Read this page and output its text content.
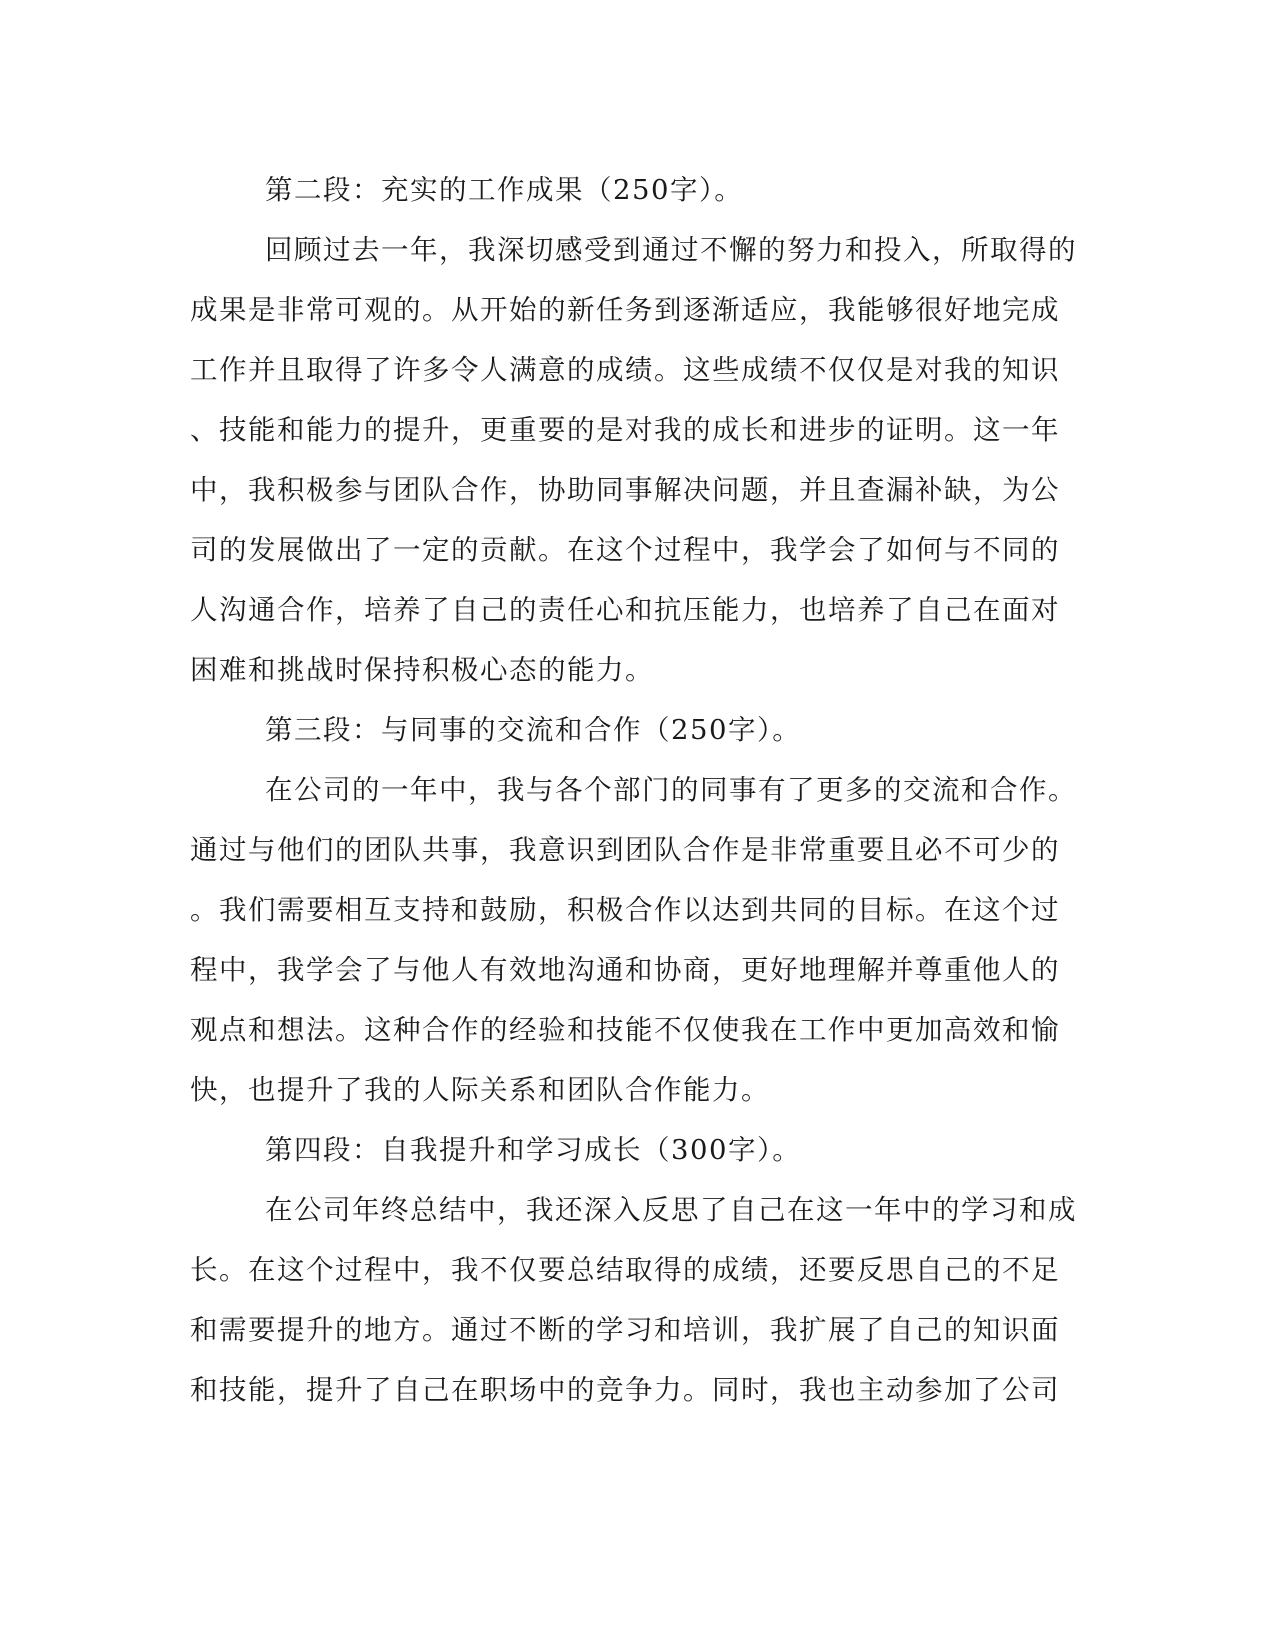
第二段：充实的工作成果（250字）。
回顾过去一年，我深切感受到通过不懈的努力和投入，所取得的
成果是非常可观的。从开始的新任务到逐渐适应，我能够很好地完成
工作并且取得了许多令人满意的成绩。这些成绩不仅仅是对我的知识
、技能和能力的提升，更重要的是对我的成长和进步的证明。这一年
中，我积极参与团队合作，协助同事解决问题，并且查漏补缺，为公
司的发展做出了一定的贡献。在这个过程中，我学会了如何与不同的
人沟通合作，培养了自己的责任心和抗压能力，也培养了自己在面对
困难和挑战时保持积极心态的能力。
第三段：与同事的交流和合作（250字）。
在公司的一年中，我与各个部门的同事有了更多的交流和合作。
通过与他们的团队共事，我意识到团队合作是非常重要且必不可少的
。我们需要相互支持和鼓励，积极合作以达到共同的目标。在这个过
程中，我学会了与他人有效地沟通和协商，更好地理解并尊重他人的
观点和想法。这种合作的经验和技能不仅使我在工作中更加高效和愉
快，也提升了我的人际关系和团队合作能力。
第四段：自我提升和学习成长（300字）。
在公司年终总结中，我还深入反思了自己在这一年中的学习和成
长。在这个过程中，我不仅要总结取得的成绩，还要反思自己的不足
和需要提升的地方。通过不断的学习和培训，我扩展了自己的知识面
和技能，提升了自己在职场中的竞争力。同时，我也主动参加了公司
